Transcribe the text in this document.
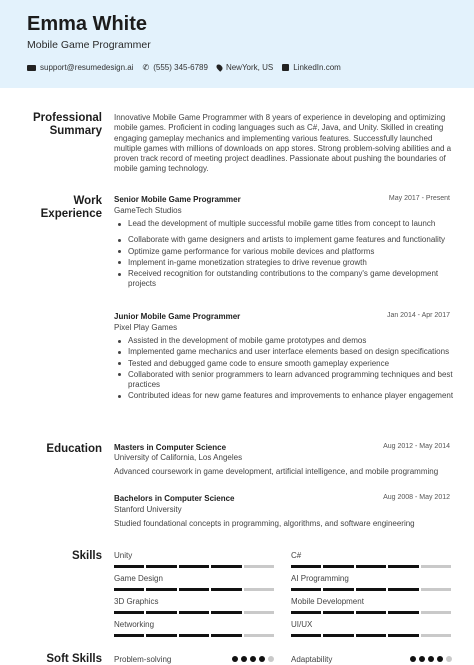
Emma White
Mobile Game Programmer
support@resumedesign.ai ✆ (555) 345-6789 NewYork, US	LinkedIn.com
Professional
Summary
Innovative Mobile Game Programmer with 8 years of experience in developing and optimizing mobile games. Proficient in coding languages such as C#, Java, and Unity. Skilled in creating engaging gameplay mechanics and implementing various features. Successfully launched multiple games with millions of downloads on app stores. Strong problem-solving abilities and a proven track record of meeting project deadlines. Passionate about pushing the boundaries of mobile gaming technology.
Work
Experience
Senior Mobile Game Programmer	May 2017 - Present
GameTech Studios
Lead the development of multiple successful mobile game titles from concept to launch
Collaborate with game designers and artists to implement game features and functionality
Optimize game performance for various mobile devices and platforms
Implement in-game monetization strategies to drive revenue growth
Received recognition for outstanding contributions to the company's game development projects
Junior Mobile Game Programmer	Jan 2014 - Apr 2017
Pixel Play Games
Assisted in the development of mobile game prototypes and demos
Implemented game mechanics and user interface elements based on design specifications
Tested and debugged game code to ensure smooth gameplay experience
Collaborated with senior programmers to learn advanced programming techniques and best practices
Contributed ideas for new game features and improvements to enhance player engagement
Education Masters in Computer Science	Aug 2012 - May 2014
University of California, Los Angeles
Advanced coursework in game development, artificial intelligence, and mobile programming
Bachelors in Computer Science	Aug 2008 - May 2012
Stanford University
Studied foundational concepts in programming, algorithms, and software engineering
Skills Unity	C#
Game Design	AI Programming
3D Graphics	Mobile Development
Networking	UI/UX
Soft Skills Problem-solving	Adaptability
